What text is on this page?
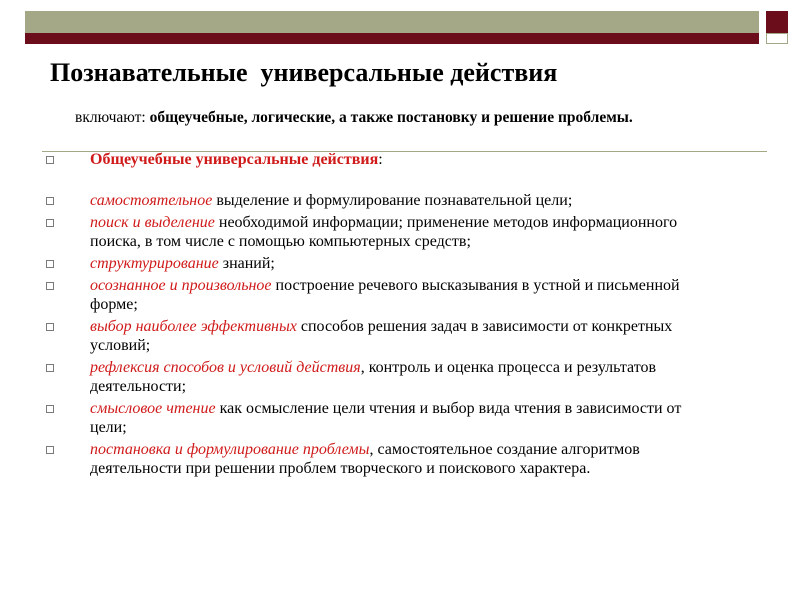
Познавательные  универсальные действия
включают: общеучебные, логические, а также постановку и решение проблемы.
Общеучебные универсальные действия:
самостоятельное выделение и формулирование познавательной цели;
поиск и выделение необходимой информации; применение методов информационного поиска, в том числе с помощью компьютерных средств;
структурирование знаний;
осознанное и произвольное построение речевого высказывания в устной и письменной форме;
выбор наиболее эффективных способов решения задач в зависимости от конкретных условий;
рефлексия способов и условий действия, контроль и оценка процесса и результатов деятельности;
смысловое чтение как осмысление цели чтения и выбор вида чтения в зависимости от цели;
постановка и формулирование проблемы, самостоятельное создание алгоритмов деятельности при решении проблем творческого и поискового характера.
